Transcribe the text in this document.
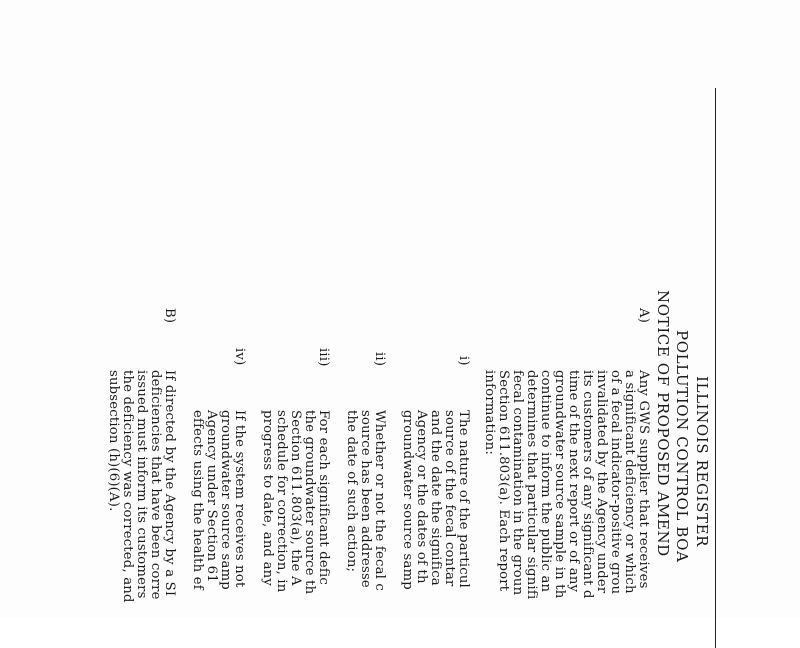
ILLINOIS REGISTER
POLLUTION CONTROL BOA
NOTICE OF PROPOSED AMEND
A)
Any GWS supplier that receives
a significant deficiency or which
of a fecal indicator-positive grou
invalidated by the Agency under
its customers of any significant d
time of the next report or of any
groundwater source sample in th
continue to inform the public an
determines that particular signifi
fecal contamination in the groun
Section 611.803(a). Each report
information:
i)
The nature of the particul
source of the fecal contar
and the date the significa
Agency or the dates of th
groundwater source samp
ii)
Whether or not the fecal c
source has been addresse
the date of such action;
iii)
For each significant defic
the groundwater source th
Section 611.803(a), the A
schedule for correction, in
progress to date, and any
iv)
If the system receives not
groundwater source samp
Agency under Section 61
effects using the health ef
B)
If directed by the Agency by a SI
deficiencies that have been corre
issued must inform its customers
the deficiency was corrected, and
subsection (h)(6)(A).
